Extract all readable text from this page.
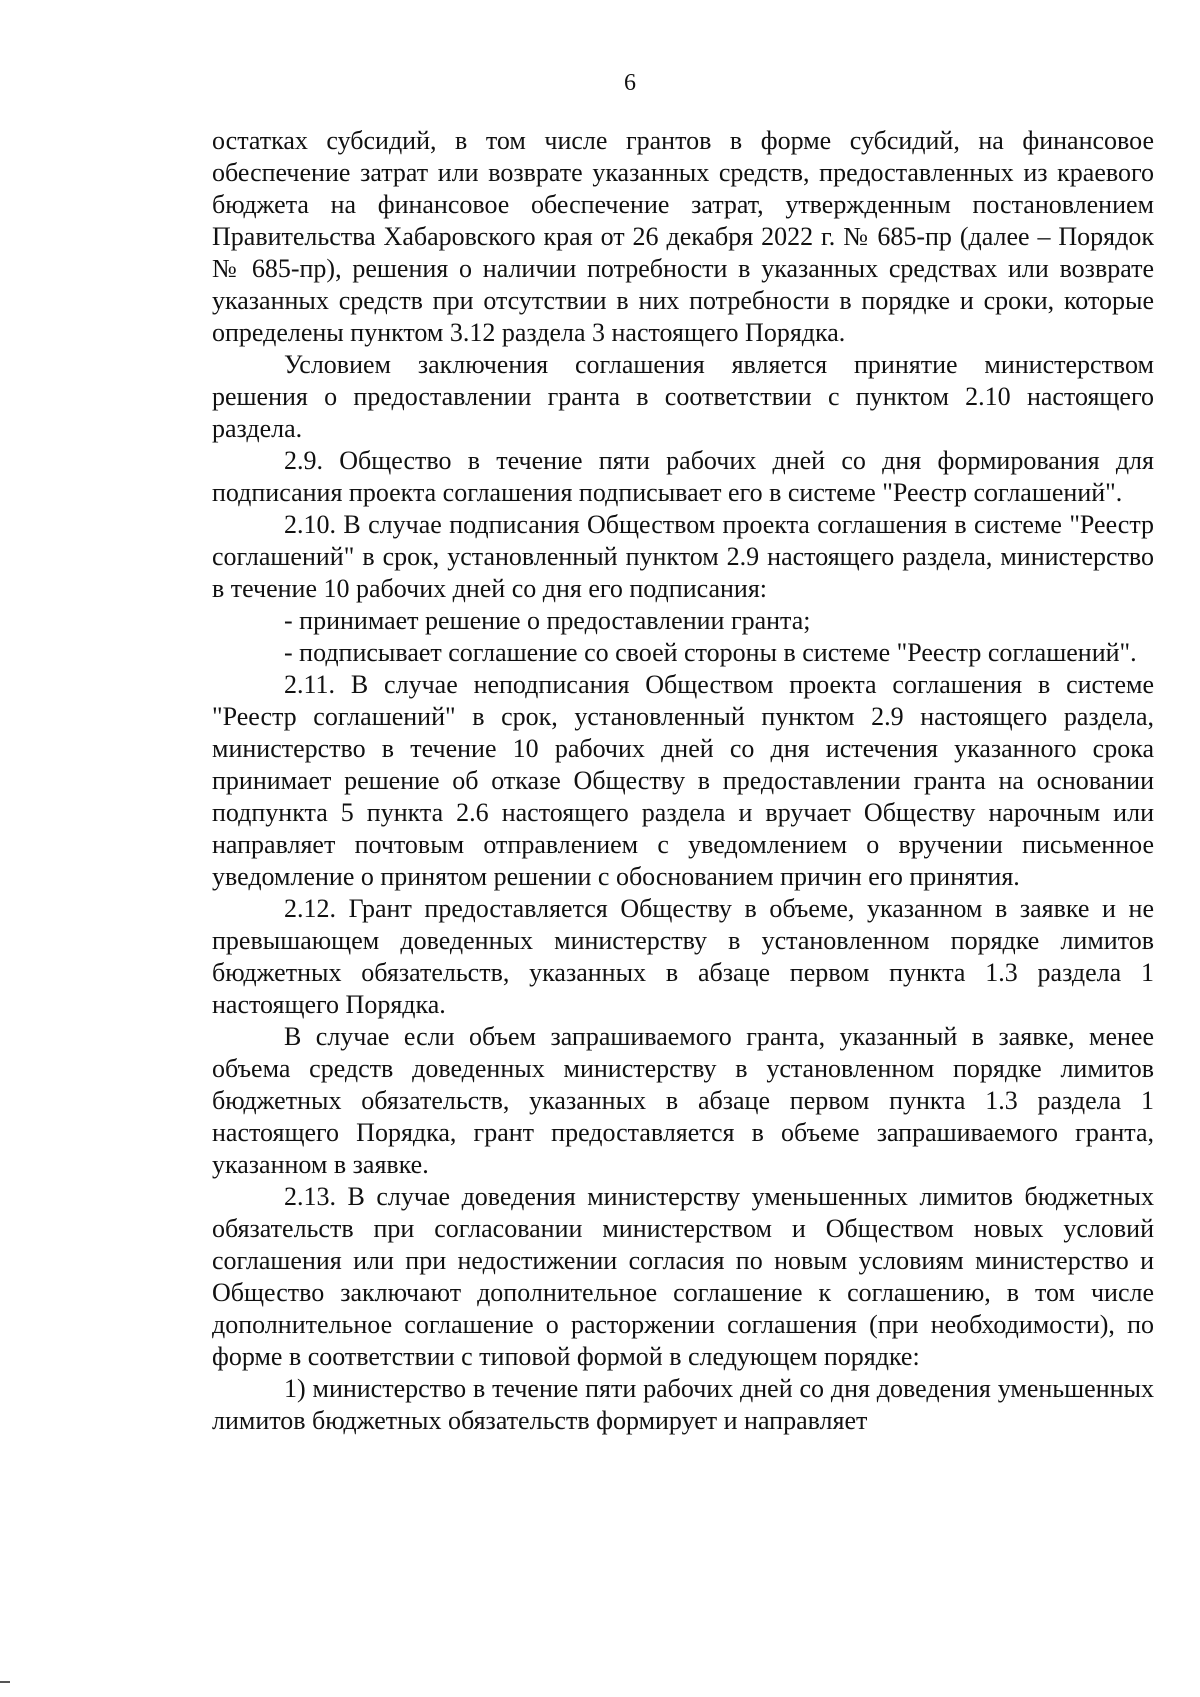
6

остатках субсидий, в том числе грантов в форме субсидий, на финансовое обеспечение затрат или возврате указанных средств, предоставленных из краевого бюджета на финансовое обеспечение затрат, утвержденным постановлением Правительства Хабаровского края от 26 декабря 2022 г. № 685-пр (далее – Порядок № 685-пр), решения о наличии потребности в указанных средствах или возврате указанных средств при отсутствии в них потребности в порядке и сроки, которые определены пунктом 3.12 раздела 3 настоящего Порядка.

Условием заключения соглашения является принятие министерством решения о предоставлении гранта в соответствии с пунктом 2.10 настоящего раздела.

2.9. Общество в течение пяти рабочих дней со дня формирования для подписания проекта соглашения подписывает его в системе "Реестр соглашений".

2.10. В случае подписания Обществом проекта соглашения в системе "Реестр соглашений" в срок, установленный пунктом 2.9 настоящего раздела, министерство в течение 10 рабочих дней со дня его подписания:

- принимает решение о предоставлении гранта;

- подписывает соглашение со своей стороны в системе "Реестр соглашений".

2.11. В случае неподписания Обществом проекта соглашения в системе "Реестр соглашений" в срок, установленный пунктом 2.9 настоящего раздела, министерство в течение 10 рабочих дней со дня истечения указанного срока принимает решение об отказе Обществу в предоставлении гранта на основании подпункта 5 пункта 2.6 настоящего раздела и вручает Обществу нарочным или направляет почтовым отправлением с уведомлением о вручении письменное уведомление о принятом решении с обоснованием причин его принятия.

2.12. Грант предоставляется Обществу в объеме, указанном в заявке и не превышающем доведенных министерству в установленном порядке лимитов бюджетных обязательств, указанных в абзаце первом пункта 1.3 раздела 1 настоящего Порядка.

В случае если объем запрашиваемого гранта, указанный в заявке, менее объема средств доведенных министерству в установленном порядке лимитов бюджетных обязательств, указанных в абзаце первом пункта 1.3 раздела 1 настоящего Порядка, грант предоставляется в объеме запрашиваемого гранта, указанном в заявке.

2.13. В случае доведения министерству уменьшенных лимитов бюджетных обязательств при согласовании министерством и Обществом новых условий соглашения или при недостижении согласия по новым условиям министерство и Общество заключают дополнительное соглашение к соглашению, в том числе дополнительное соглашение о расторжении соглашения (при необходимости), по форме в соответствии с типовой формой в следующем порядке:

1) министерство в течение пяти рабочих дней со дня доведения уменьшенных лимитов бюджетных обязательств формирует и направляет
